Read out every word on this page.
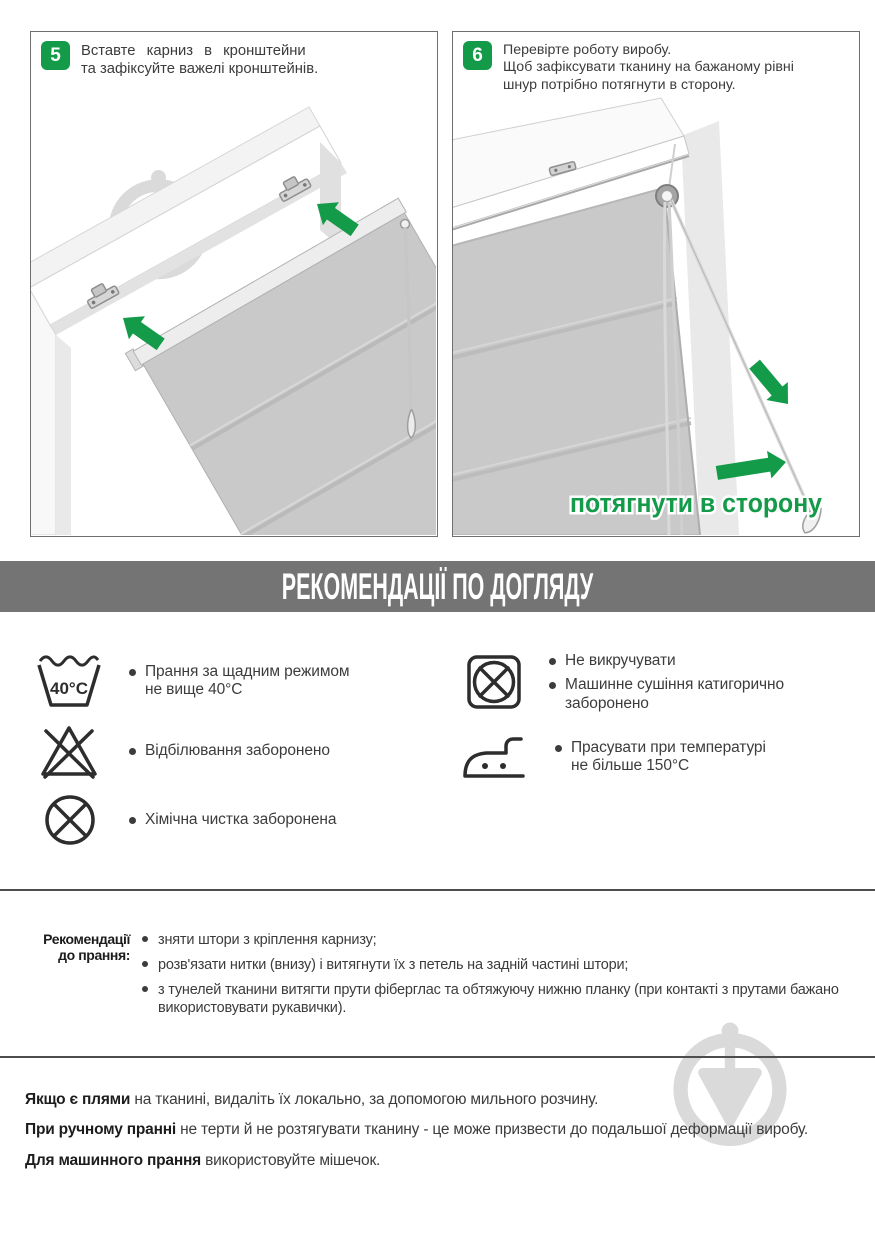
5	Вставте карниз в кронштейни
та зафіксуйте важелі кронштейнів.
6	Перевірте роботу виробу.
Щоб зафіксувати тканину на бажаному рівні
шнур потрібно потягнути в сторону.
потягнути в сторону
РЕКОМЕНДАЦІЇ ПО ДОГЛЯДУ
40°C
Прання за щадним режимом
не вище 40°С
Відбілювання заборонено
Хімічна чистка заборонена
Не викручувати
Машинне сушіння катигорично
заборонено
Прасувати при температурі
не більше 150°С
Рекомендації
до прання:
зняти штори з кріплення карнизу;
розв'язати нитки (внизу) і витягнути їх з петель на задній частині штори;
з тунелей тканини витягти прути фіберглас та обтяжуючу нижню планку (при контакті з прутами бажано використовувати рукавички).

Якщо є плями на тканині, видаліть їх локально, за допомогою мильного розчину.

При ручному пранні не терти й не розтягувати тканину - це може призвести до подальшої деформації виробу.

Для машинного прання використовуйте мішечок.
